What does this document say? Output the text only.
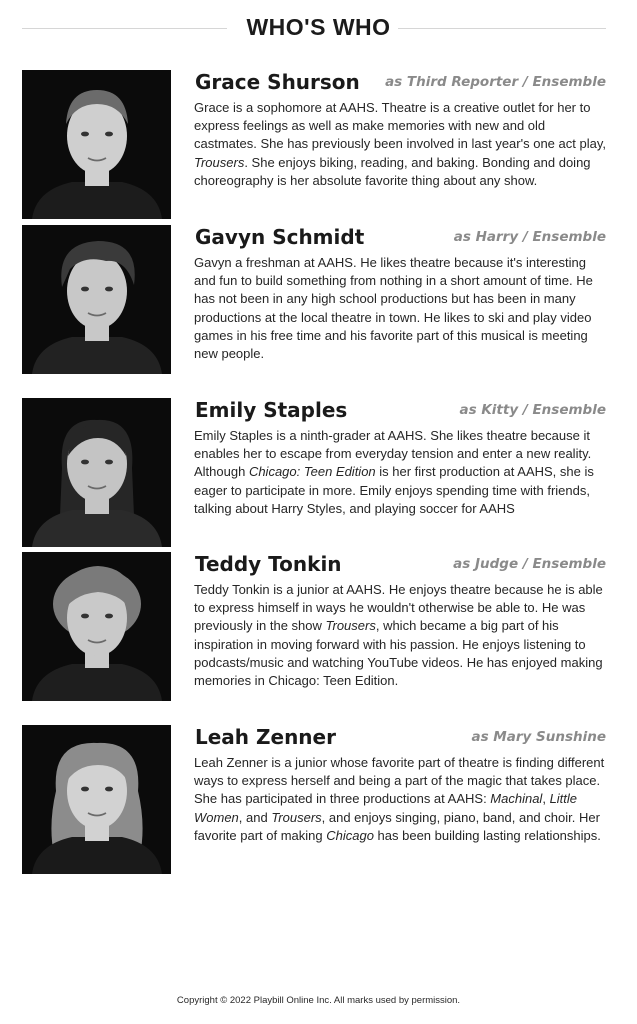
WHO'S WHO
Grace Shurson as Third Reporter / Ensemble

Grace is a sophomore at AAHS. Theatre is a creative outlet for her to express feelings as well as make memories with new and old castmates. She has previously been involved in last year's one act play, Trousers. She enjoys biking, reading, and baking. Bonding and doing choreography is her absolute favorite thing about any show.

Gavyn Schmidt	as Harry / Ensemble

Gavyn a freshman at AAHS. He likes theatre because it's interesting and fun to build something from nothing in a short amount of time. He has not been in any high school productions but has been in many productions at the local theatre in town. He likes to ski and play video games in his free time and his favorite part of this musical is meeting new people.

Emily Staples	as Kitty / Ensemble

Emily Staples is a ninth-grader at AAHS. She likes theatre because it enables her to escape from everyday tension and enter a new reality. Although Chicago: Teen Edition is her first production at AAHS, she is eager to participate in more. Emily enjoys spending time with friends, talking about Harry Styles, and playing soccer for AAHS

Teddy Tonkin	as Judge / Ensemble

Teddy Tonkin is a junior at AAHS. He enjoys theatre because he is able to express himself in ways he wouldn't otherwise be able to. He was previously in the show Trousers, which became a big part of his inspiration in moving forward with his passion. He enjoys listening to podcasts/music and watching YouTube videos. He has enjoyed making memories in Chicago: Teen Edition.

Leah Zenner	as Mary Sunshine

Leah Zenner is a junior whose favorite part of theatre is finding different ways to express herself and being a part of the magic that takes place. She has participated in three productions at AAHS: Machinal, Little Women, and Trousers, and enjoys singing, piano, band, and choir. Her favorite part of making Chicago has been building lasting relationships.

Copyright © 2022 Playbill Online Inc. All marks used by permission.
